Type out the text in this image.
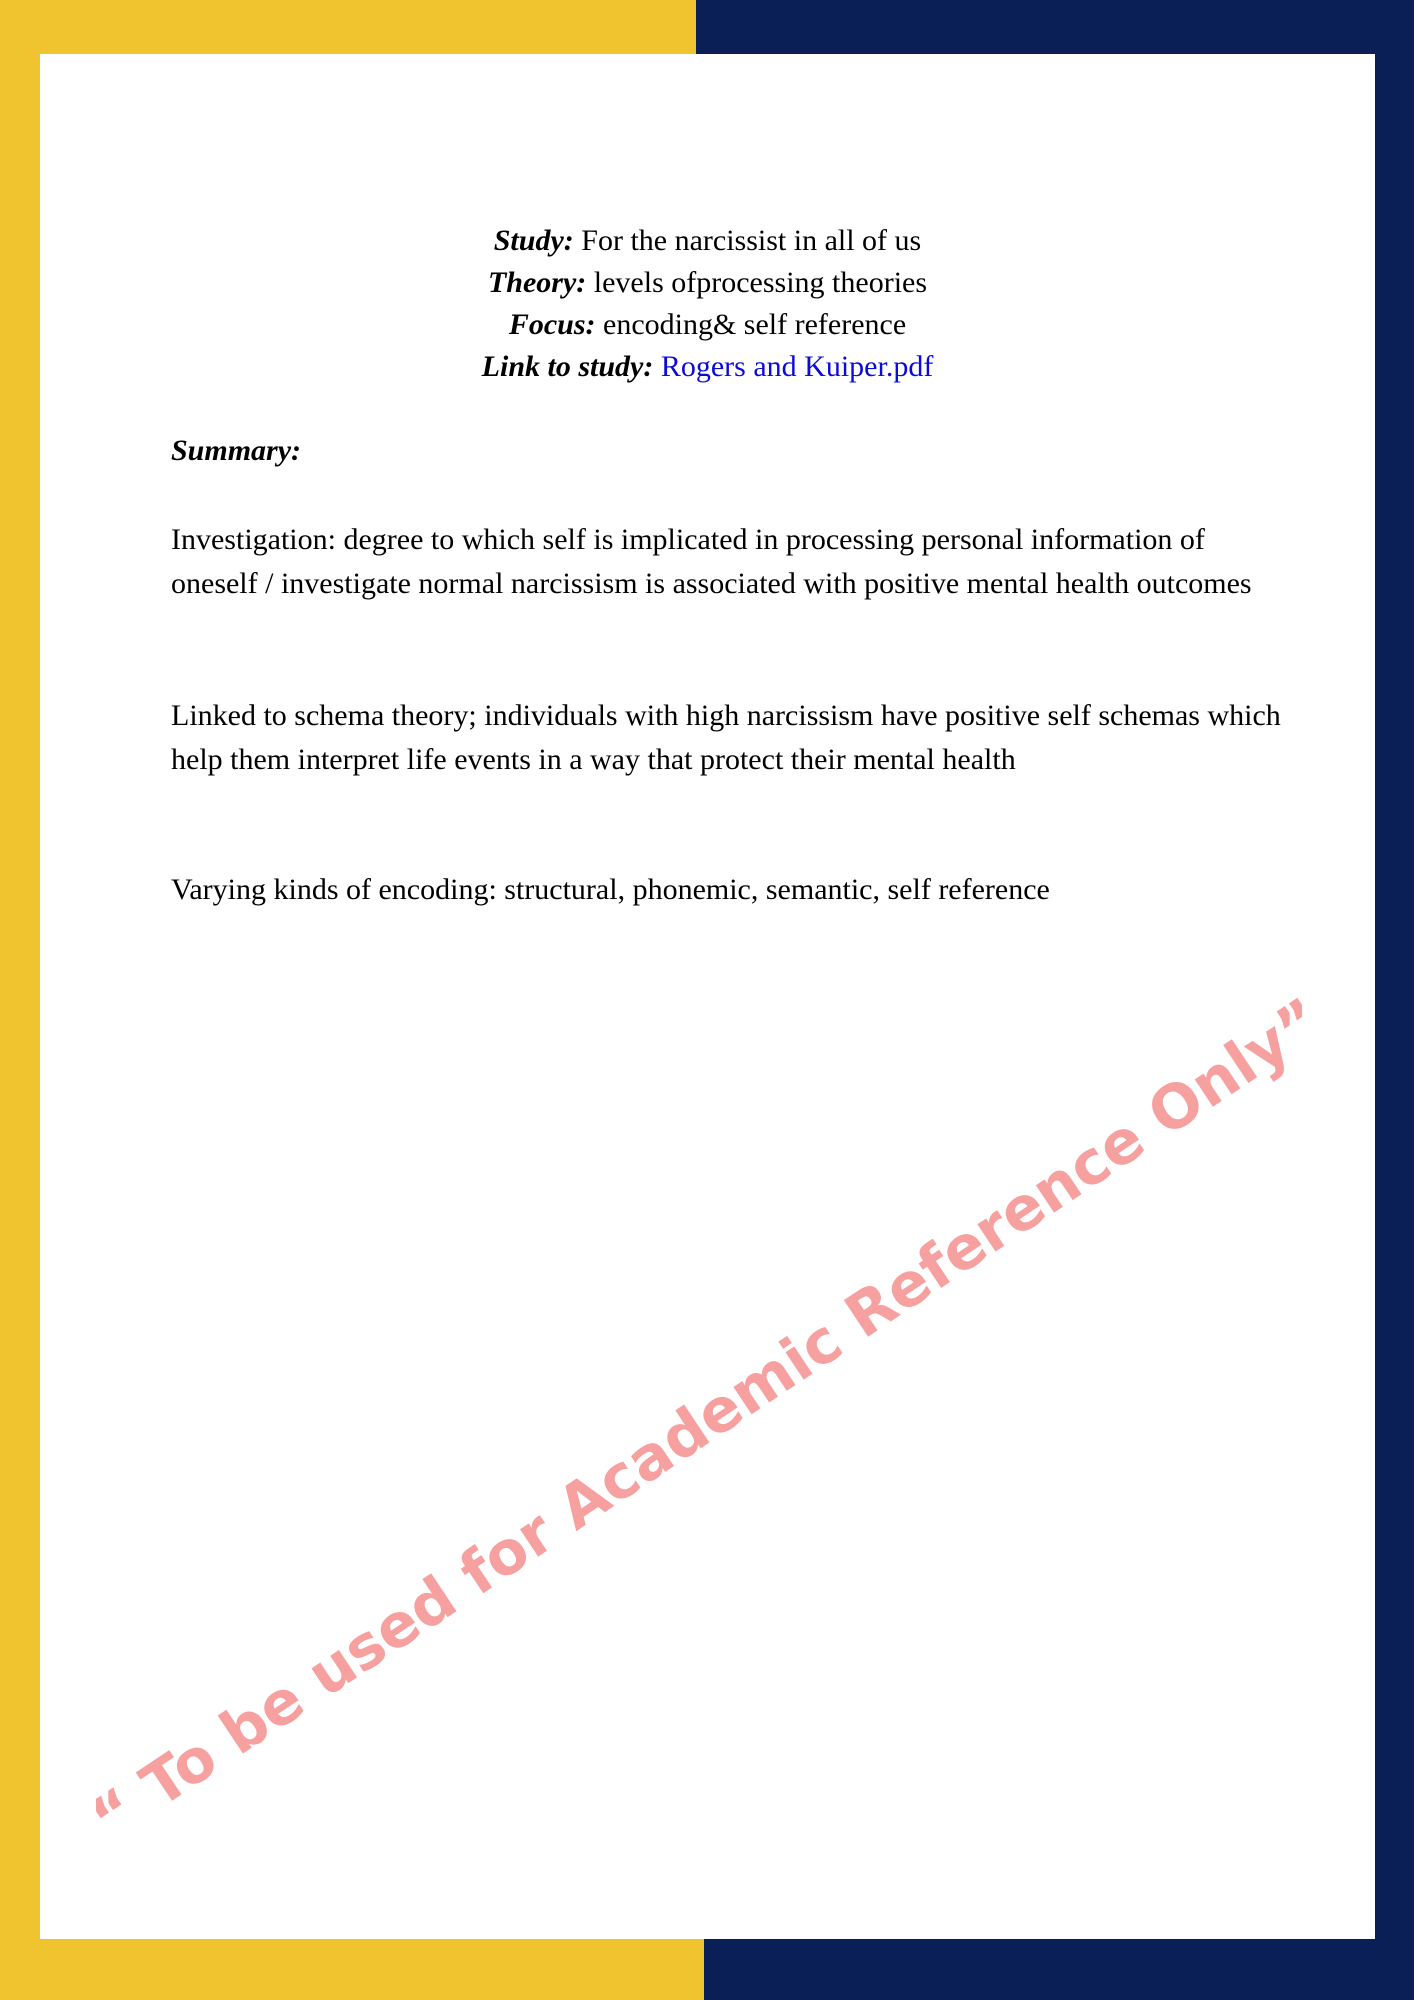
Study: For the narcissist in all of us
Theory: levels ofprocessing theories
Focus: encoding& self reference
Link to study: Rogers and Kuiper.pdf
Summary:
Investigation: degree to which self is implicated in processing personal information of oneself / investigate normal narcissism is associated with positive mental health outcomes
Linked to schema theory; individuals with high narcissism have positive self schemas which help them interpret life events in a way that protect their mental health
Varying kinds of encoding: structural, phonemic, semantic, self reference
“ To be used for Academic Reference Only”
